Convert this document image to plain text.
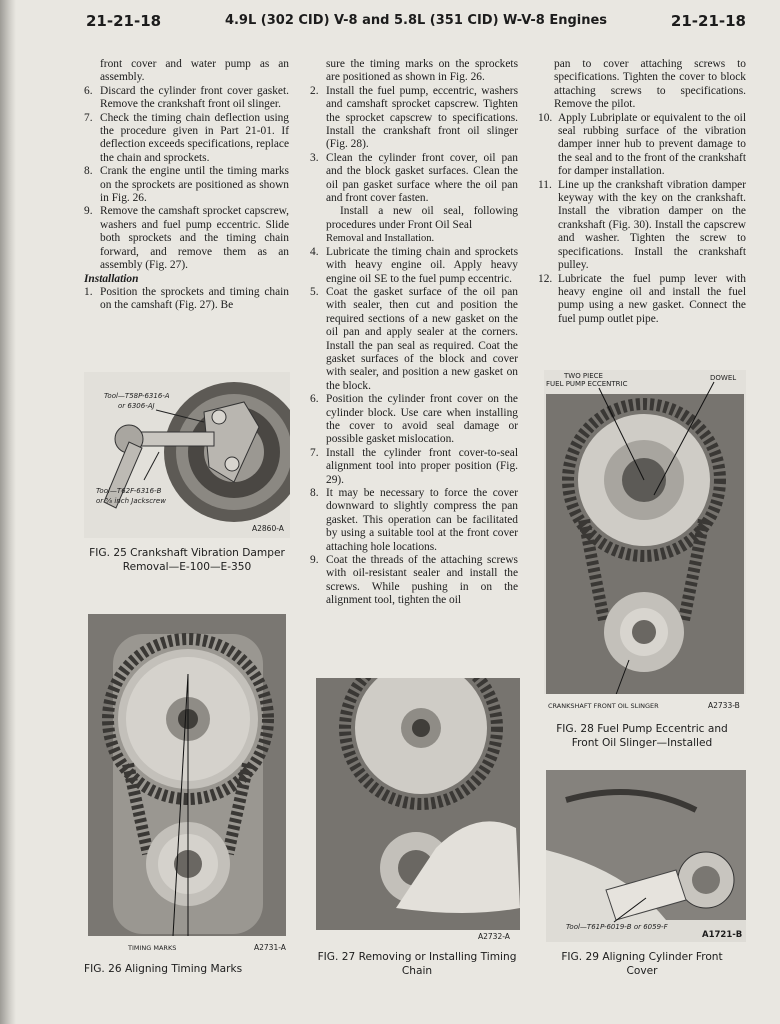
21-21-18	4.9L (302 CID) V-8 and 5.8L (351 CID) W-V-8 Engines	21-21-18
front cover and water pump as an assembly.
6. Discard the cylinder front cover gasket. Remove the crankshaft front oil slinger.
7. Check the timing chain deflection using the procedure given in Part 21-01. If deflection exceeds specifications, replace the chain and sprockets.
8. Crank the engine until the timing marks on the sprockets are positioned as shown in Fig. 26.
9. Remove the camshaft sprocket capscrew, washers and fuel pump eccentric. Slide both sprockets and the timing chain forward, and remove them as an assembly (Fig. 27).
Installation
1. Position the sprockets and timing chain on the camshaft (Fig. 27). Be
sure the timing marks on the sprockets are positioned as shown in Fig. 26.
2. Install the fuel pump, eccentric, washers and camshaft sprocket capscrew. Tighten the sprocket capscrew to specifications. Install the crankshaft front oil slinger (Fig. 28).
3. Clean the cylinder front cover, oil pan and the block gasket surfaces. Clean the oil pan gasket surface where the oil pan and front cover fasten.
Install a new oil seal, following procedures under Front Oil Seal
Removal and Installation.
4. Lubricate the timing chain and sprockets with heavy engine oil. Apply heavy engine oil SE to the fuel pump eccentric.
5. Coat the gasket surface of the oil pan with sealer, then cut and position the required sections of a new gasket on the oil pan and apply sealer at the corners. Install the pan seal as required. Coat the gasket surfaces of the block and cover with sealer, and position a new gasket on the block.
6. Position the cylinder front cover on the cylinder block. Use care when installing the cover to avoid seal damage or possible gasket mislocation.
7. Install the cylinder front cover-to-seal alignment tool into proper position (Fig. 29).
8. It may be necessary to force the cover downward to slightly compress the pan gasket. This operation can be facilitated by using a suitable tool at the front cover attaching hole locations.
9. Coat the threads of the attaching screws with oil-resistant sealer and install the screws. While pushing in on the alignment tool, tighten the oil
pan to cover attaching screws to specifications. Tighten the cover to block attaching screws to specifications. Remove the pilot.
10. Apply Lubriplate or equivalent to the oil seal rubbing surface of the vibration damper inner hub to prevent damage to the seal and to the front of the crankshaft for damper installation.
11. Line up the crankshaft vibration damper keyway with the key on the crankshaft. Install the vibration damper on the crankshaft (Fig. 30). Install the capscrew and washer. Tighten the screw to specifications. Install the crankshaft pulley.
12. Lubricate the fuel pump lever with heavy engine oil and install the fuel pump using a new gasket. Connect the fuel pump outlet pipe.
Tool—T58P-6316-A
or 6306-AJ
Tool—T62F-6316-B
or ⅝ inch Jackscrew
A2860-A
FIG. 25 Crankshaft Vibration Damper
Removal—E-100—E-350
TIMING MARKS	A2731-A
FIG. 26 Aligning Timing Marks
A2732-A
FIG. 27 Removing or Installing Timing
Chain
TWO PIECE
FUEL PUMP ECCENTRIC
DOWEL
CRANKSHAFT FRONT OIL SLINGER	A2733-B
FIG. 28 Fuel Pump Eccentric and
Front Oil Slinger—Installed
Tool—T61P-6019-B or 6059-F
A1721-B
FIG. 29 Aligning Cylinder Front
Cover
